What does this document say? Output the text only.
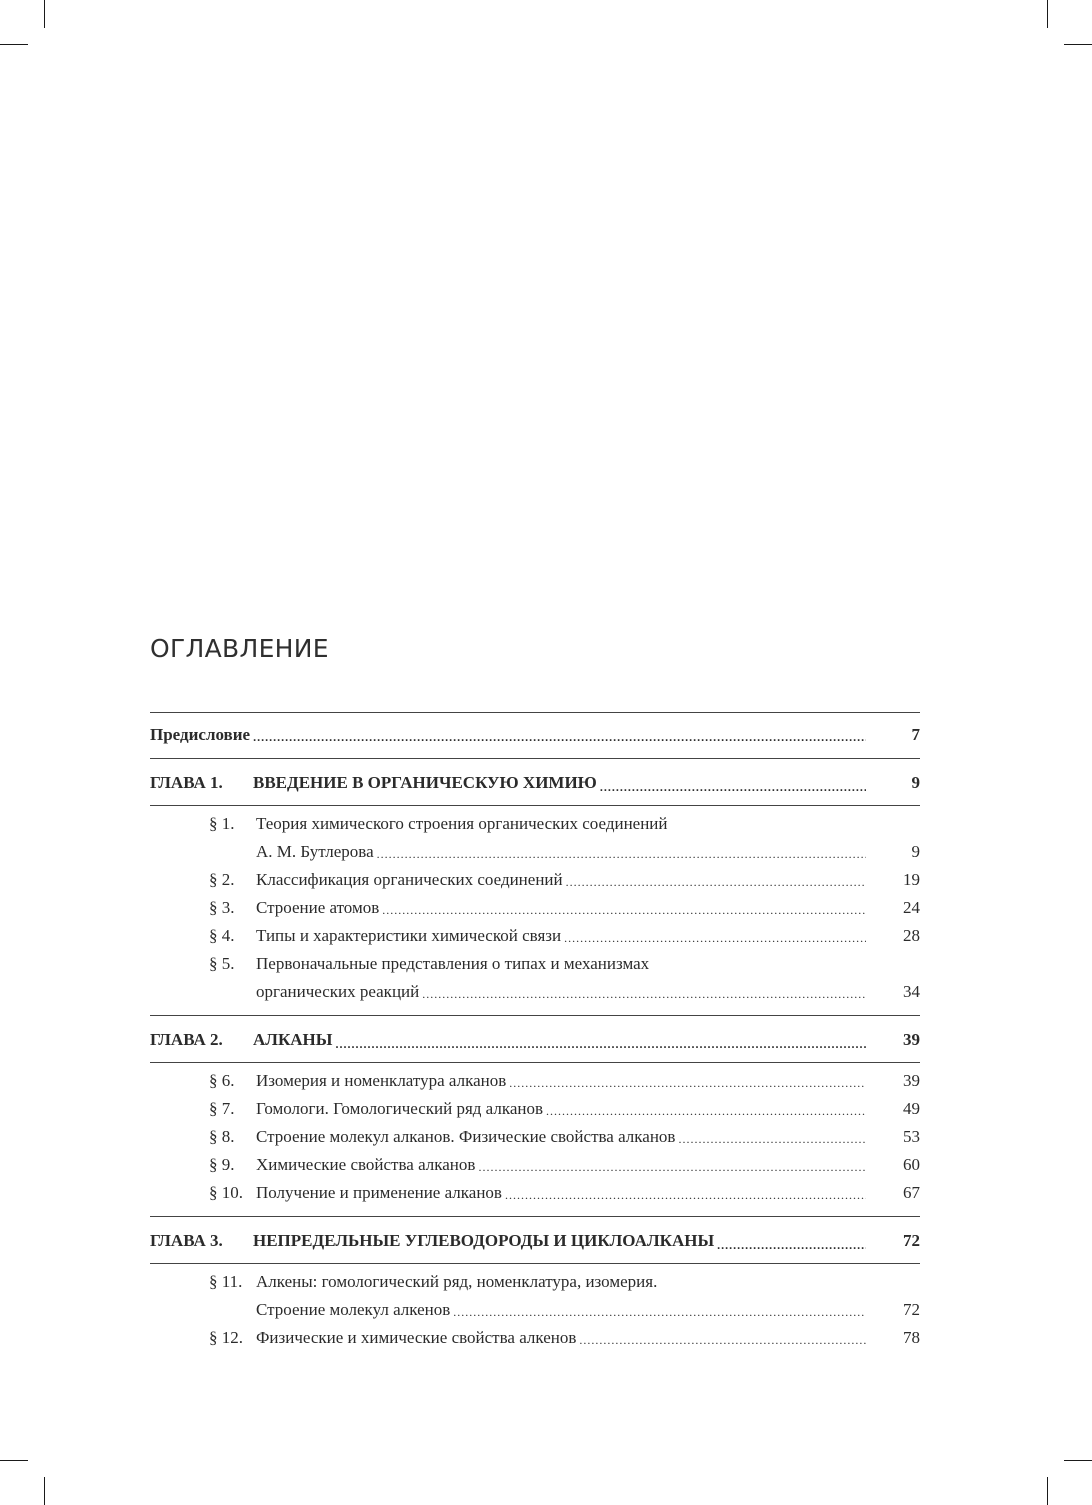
ОГЛАВЛЕНИЕ
Предисловие .....	7
ГЛАВА 1.	ВВЕДЕНИЕ В ОРГАНИЧЕСКУЮ ХИМИЮ .....	9
§ 1.	Теория химического строения органических соединений
А. М. Бутлерова .....	9
§ 2.	Классификация органических соединений .....	19
§ 3.	Строение атомов .....	24
§ 4.	Типы и характеристики химической связи .....	28
§ 5.	Первоначальные представления о типах и механизмах
органических реакций .....	34
ГЛАВА 2.	АЛКАНЫ .....	39
§ 6.	Изомерия и номенклатура алканов .....	39
§ 7.	Гомологи. Гомологический ряд алканов .....	49
§ 8.	Строение молекул алканов. Физические свойства алканов .....	53
§ 9.	Химические свойства алканов .....	60
§ 10. Получение и применение алканов .....	67
ГЛАВА 3.	НЕПРЕДЕЛЬНЫЕ УГЛЕВОДОРОДЫ И ЦИКЛОАЛКАНЫ .....	72
§ 11. Алкены: гомологический ряд, номенклатура, изомерия.
Строение молекул алкенов .....	72
§ 12. Физические и химические свойства алкенов .....	78
